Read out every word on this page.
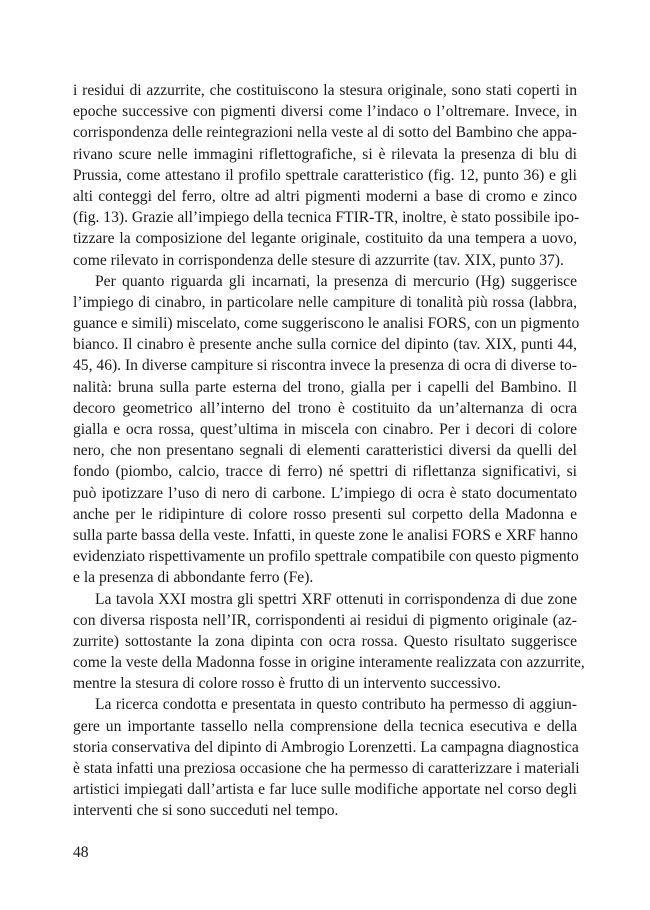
i residui di azzurrite, che costituiscono la stesura originale, sono stati coperti in
epoche successive con pigmenti diversi come l’indaco o l’oltremare. Invece, in
corrispondenza delle reintegrazioni nella veste al di sotto del Bambino che appa-
rivano scure nelle immagini riflettografiche, si è rilevata la presenza di blu di
Prussia, come attestano il profilo spettrale caratteristico (fig. 12, punto 36) e gli
alti conteggi del ferro, oltre ad altri pigmenti moderni a base di cromo e zinco
(fig. 13). Grazie all’impiego della tecnica FTIR-TR, inoltre, è stato possibile ipo-
tizzare la composizione del legante originale, costituito da una tempera a uovo,
come rilevato in corrispondenza delle stesure di azzurrite (tav. XIX, punto 37).
Per quanto riguarda gli incarnati, la presenza di mercurio (Hg) suggerisce
l’impiego di cinabro, in particolare nelle campiture di tonalità più rossa (labbra,
guance e simili) miscelato, come suggeriscono le analisi FORS, con un pigmento
bianco. Il cinabro è presente anche sulla cornice del dipinto (tav. XIX, punti 44,
45, 46). In diverse campiture si riscontra invece la presenza di ocra di diverse to-
nalità: bruna sulla parte esterna del trono, gialla per i capelli del Bambino. Il
decoro geometrico all’interno del trono è costituito da un’alternanza di ocra
gialla e ocra rossa, quest’ultima in miscela con cinabro. Per i decori di colore
nero, che non presentano segnali di elementi caratteristici diversi da quelli del
fondo (piombo, calcio, tracce di ferro) né spettri di riflettanza significativi, si
può ipotizzare l’uso di nero di carbone. L’impiego di ocra è stato documentato
anche per le ridipinture di colore rosso presenti sul corpetto della Madonna e
sulla parte bassa della veste. Infatti, in queste zone le analisi FORS e XRF hanno
evidenziato rispettivamente un profilo spettrale compatibile con questo pigmento
e la presenza di abbondante ferro (Fe).
La tavola XXI mostra gli spettri XRF ottenuti in corrispondenza di due zone
con diversa risposta nell’IR, corrispondenti ai residui di pigmento originale (az-
zurrite) sottostante la zona dipinta con ocra rossa. Questo risultato suggerisce
come la veste della Madonna fosse in origine interamente realizzata con azzurrite,
mentre la stesura di colore rosso è frutto di un intervento successivo.
La ricerca condotta e presentata in questo contributo ha permesso di aggiun-
gere un importante tassello nella comprensione della tecnica esecutiva e della
storia conservativa del dipinto di Ambrogio Lorenzetti. La campagna diagnostica
è stata infatti una preziosa occasione che ha permesso di caratterizzare i materiali
artistici impiegati dall’artista e far luce sulle modifiche apportate nel corso degli
interventi che si sono succeduti nel tempo.
48
